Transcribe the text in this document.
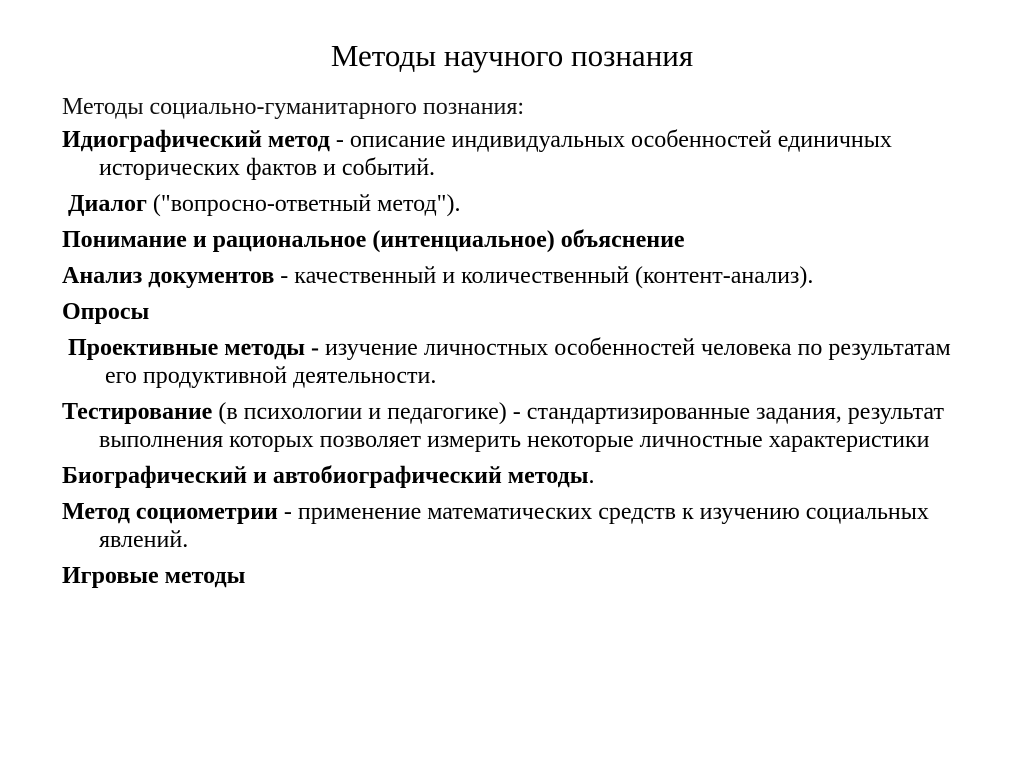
Методы научного познания
Методы социально-гуманитарного познания:
Идиографический метод - описание индивидуальных особенностей единичных исторических фактов и событий.
Диалог ("вопросно-ответный метод").
Понимание и рациональное (интенциальное) объяснение
Анализ документов - качественный и количественный (контент-анализ).
Опросы
Проективные методы - изучение личностных особенностей человека по результатам его продуктивной деятельности.
Тестирование (в психологии и педагогике) - стандартизированные задания, результат выполнения которых позволяет измерить некоторые личностные характеристики
Биографический и автобиографический методы.
Метод социометрии - применение математических средств к изучению социальных явлений.
Игровые методы
